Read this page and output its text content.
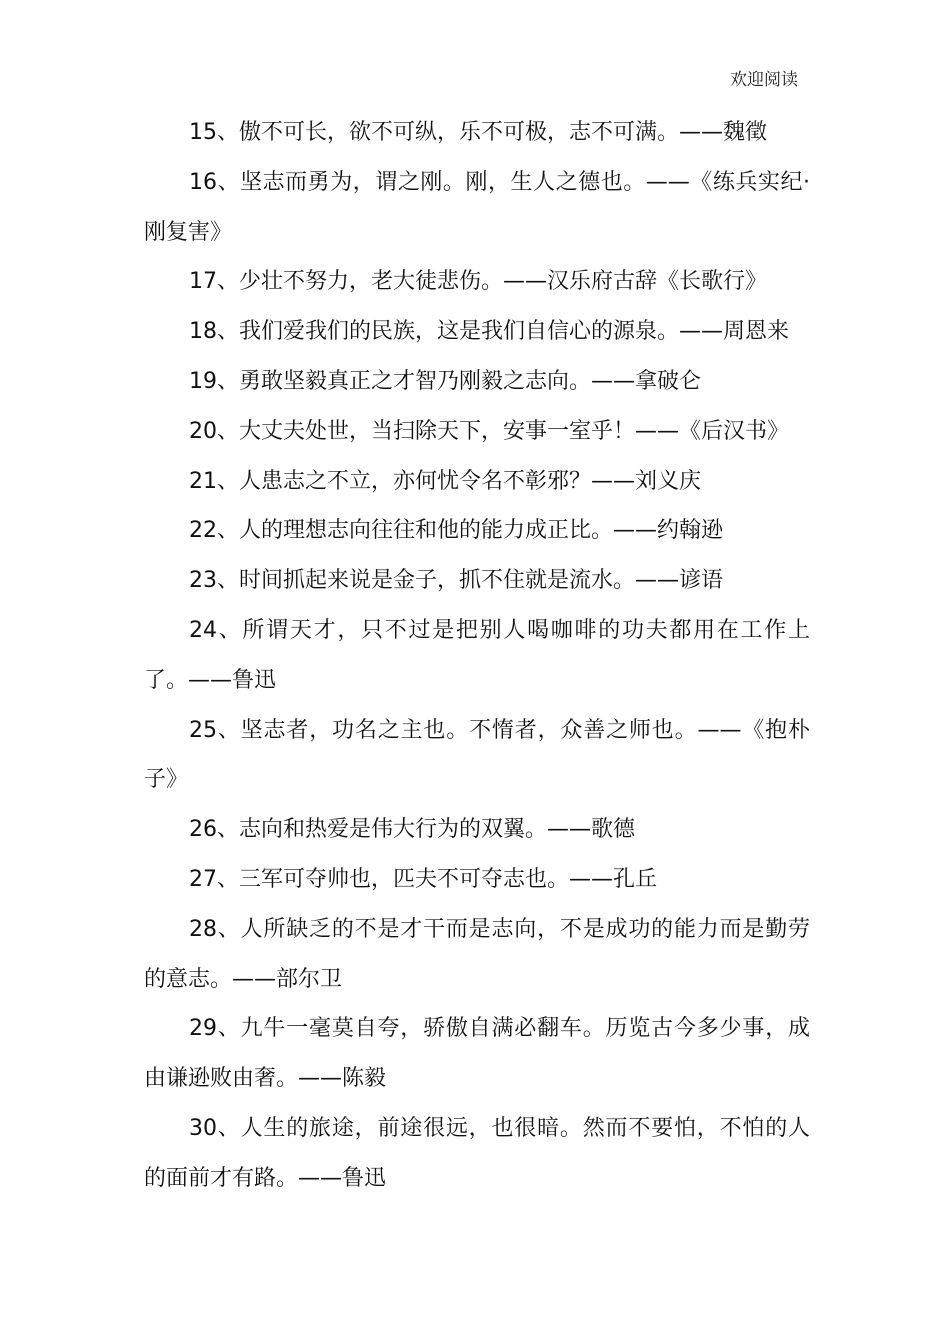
欢迎阅读

15、傲不可长，欲不可纵，乐不可极，志不可满。——魏徵

16、坚志而勇为，谓之刚。刚，生人之德也。——《练兵实纪·刚复害》

17、少壮不努力，老大徒悲伤。——汉乐府古辞《长歌行》

18、我们爱我们的民族，这是我们自信心的源泉。——周恩来

19、勇敢坚毅真正之才智乃刚毅之志向。——拿破仑

20、大丈夫处世，当扫除天下，安事一室乎！——《后汉书》

21、人患志之不立，亦何忧令名不彰邪？——刘义庆

22、人的理想志向往往和他的能力成正比。——约翰逊

23、时间抓起来说是金子，抓不住就是流水。——谚语

24、所谓天才，只不过是把别人喝咖啡的功夫都用在工作上了。——鲁迅

25、坚志者，功名之主也。不惰者，众善之师也。——《抱朴子》

26、志向和热爱是伟大行为的双翼。——歌德

27、三军可夺帅也，匹夫不可夺志也。——孔丘

28、人所缺乏的不是才干而是志向，不是成功的能力而是勤劳的意志。——部尔卫

29、九牛一毫莫自夸，骄傲自满必翻车。历览古今多少事，成由谦逊败由奢。——陈毅

30、人生的旅途，前途很远，也很暗。然而不要怕，不怕的人的面前才有路。——鲁迅
